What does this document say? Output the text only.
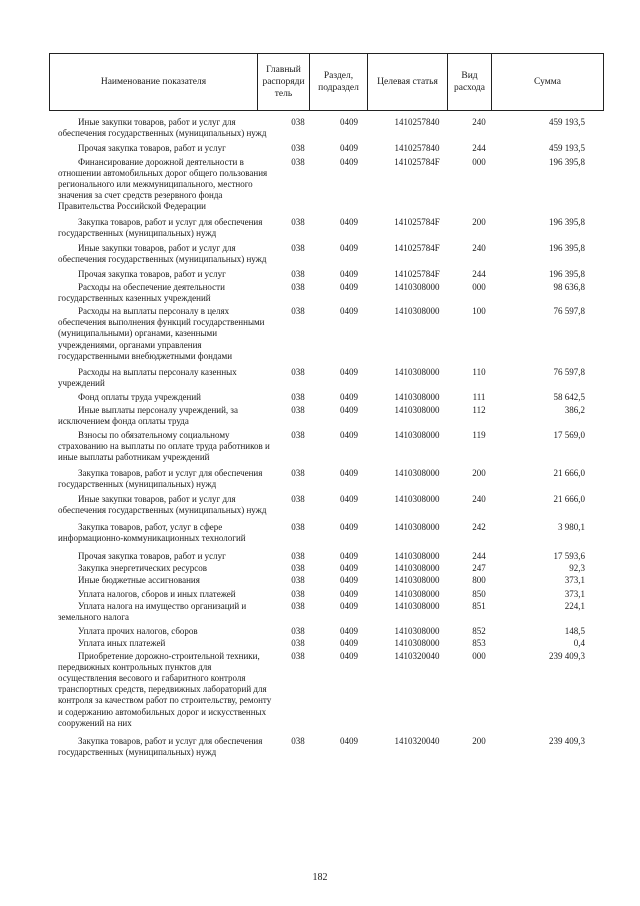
Наименование показателя	Главный
распоряди
тель	Раздел,
подраздел	Целевая статья	Вид
расхода	Сумма
Иные закупки товаров, работ и услуг для обеспечения государственных (муниципальных) нужд
038	0409	1410257840	240	459 193,5
Прочая закупка товаров, работ и услуг	038	0409	1410257840	244	459 193,5
Финансирование дорожной деятельности в отношении автомобильных дорог общего пользования регионального или межмуниципального, местного значения за счет средств резервного фонда Правительства Российской Федерации
038	0409	141025784F	000	196 395,8
Закупка товаров, работ и услуг для обеспечения государственных (муниципальных) нужд
038	0409	141025784F	200	196 395,8
Иные закупки товаров, работ и услуг для обеспечения государственных (муниципальных) нужд
038	0409	141025784F	240	196 395,8
Прочая закупка товаров, работ и услуг	038	0409	141025784F	244	196 395,8
Расходы на обеспечение деятельности государственных казенных учреждений
038	0409	1410308000	000	98 636,8
Расходы на выплаты персоналу в целях обеспечения выполнения функций государственными (муниципальными) органами, казенными учреждениями, органами управления государственными внебюджетными фондами
038	0409	1410308000	100	76 597,8
Расходы на выплаты персоналу казенных учреждений
038	0409	1410308000	110	76 597,8
Фонд оплаты труда учреждений	038	0409	1410308000	111	58 642,5
Иные выплаты персоналу учреждений, за исключением фонда оплаты труда
038	0409	1410308000	112	386,2
Взносы по обязательному социальному страхованию на выплаты по оплате труда работников и иные выплаты работникам учреждений
038	0409	1410308000	119	17 569,0
Закупка товаров, работ и услуг для обеспечения государственных (муниципальных) нужд
038	0409	1410308000	200	21 666,0
Иные закупки товаров, работ и услуг для обеспечения государственных (муниципальных) нужд
038	0409	1410308000	240	21 666,0
Закупка товаров, работ, услуг в сфере информационно-коммуникационных технологий
038	0409	1410308000	242	3 980,1
Прочая закупка товаров, работ и услуг	038	0409	1410308000	244	17 593,6
Закупка энергетических ресурсов	038	0409	1410308000	247	92,3
Иные бюджетные ассигнования	038	0409	1410308000	800	373,1
Уплата налогов, сборов и иных платежей	038	0409	1410308000	850	373,1
Уплата налога на имущество организаций и земельного налога
038	0409	1410308000	851	224,1
Уплата прочих налогов, сборов	038	0409	1410308000	852	148,5
Уплата иных платежей	038	0409	1410308000	853	0,4
Приобретение дорожно-строительной техники, передвижных контрольных пунктов для осуществления весового и габаритного контроля транспортных средств, передвижных лабораторий для контроля за качеством работ по строительству, ремонту и содержанию автомобильных дорог и искусственных сооружений на них
038	0409	1410320040	000	239 409,3
Закупка товаров, работ и услуг для обеспечения государственных (муниципальных) нужд
038	0409	1410320040	200	239 409,3
182
